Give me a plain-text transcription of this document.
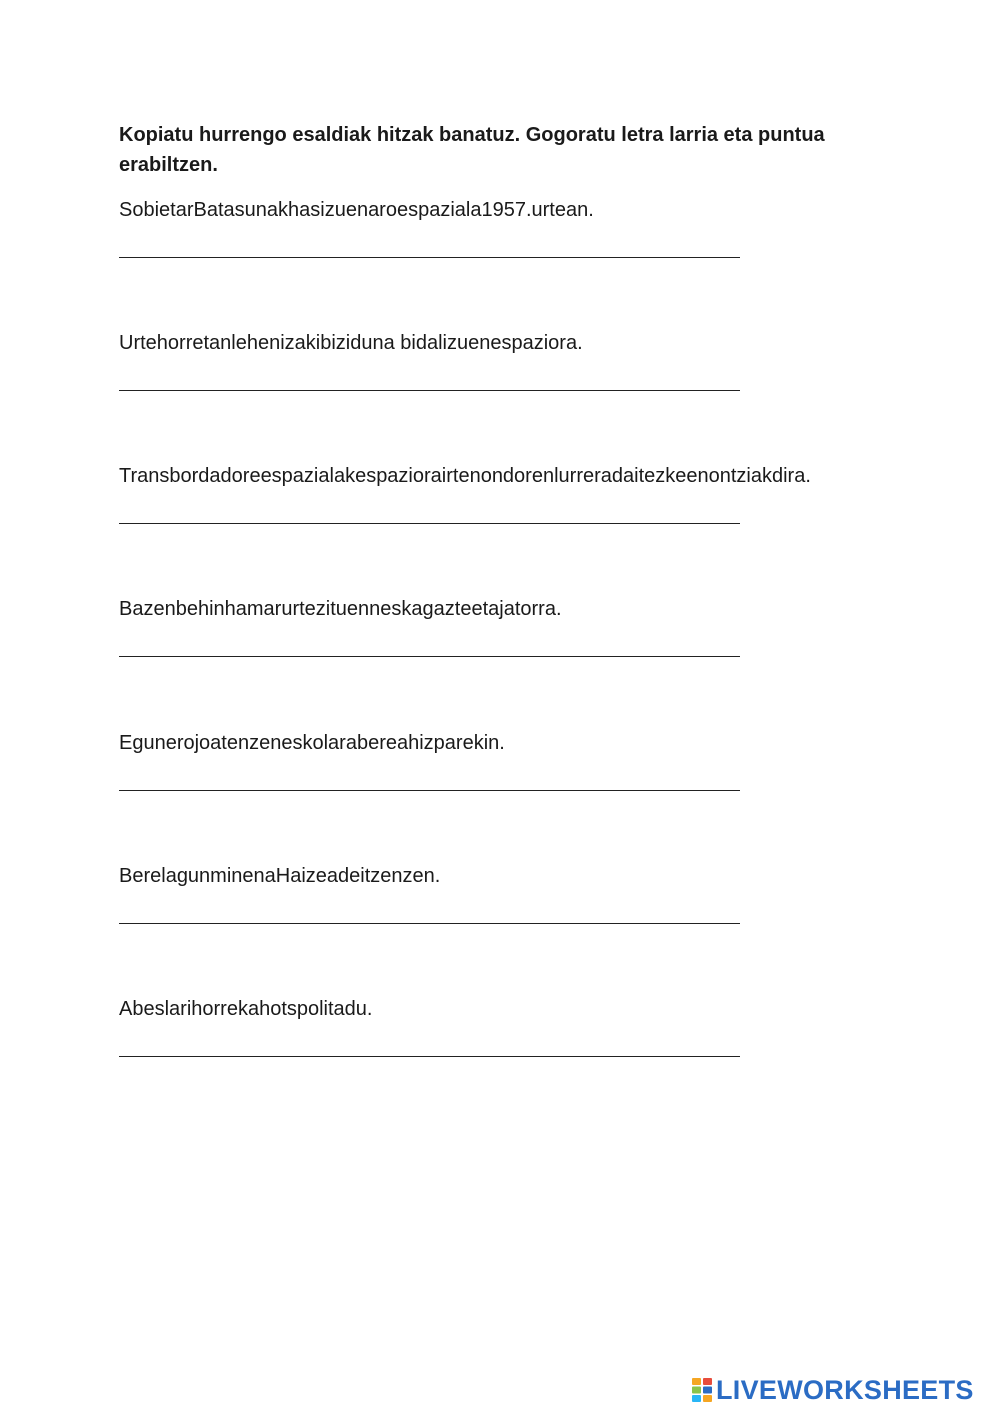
Kopiatu hurrengo esaldiak hitzak banatuz. Gogoratu letra larria eta puntua erabiltzen.

SobietarBatasunakhasizuenaroespaziala1957.urtean.

Urtehorretanlehenizakibiziduna bidalizuenespaziora.

Transbordadoreespazialakespaziorairtenondorenlurreradaitezkeenontziakdira.

Bazenbehinhamarurtezituenneskagazteetajatorra.

Egunerojoatenzeneskolarabereahizparekin.

BerelagunminenaHaizeadeitzenzen.

Abeslarihorrekahotspolitadu.

LIVEWORKSHEETS
